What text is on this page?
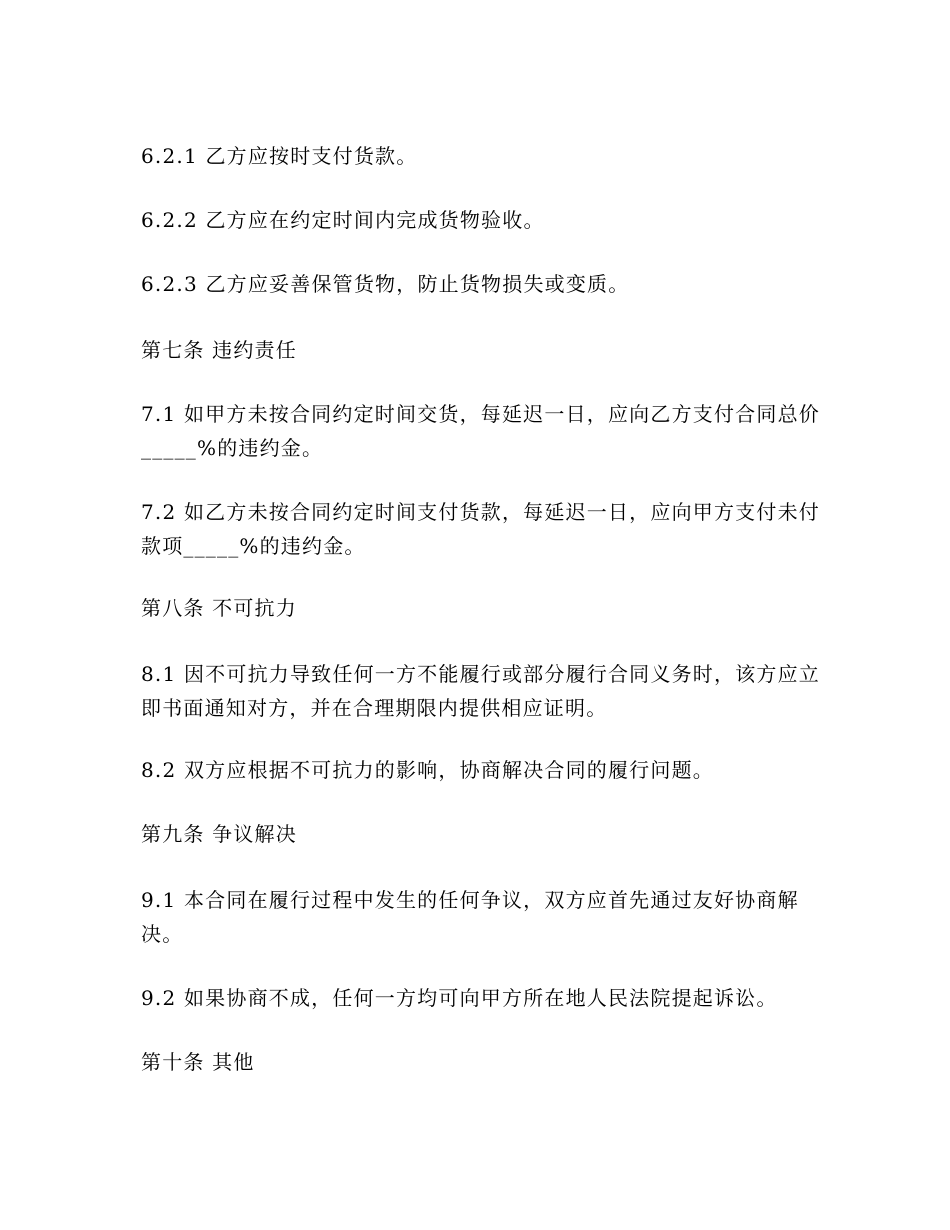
6.2.1 乙方应按时支付货款。

6.2.2 乙方应在约定时间内完成货物验收。

6.2.3 乙方应妥善保管货物，防止货物损失或变质。

第七条 违约责任

7.1 如甲方未按合同约定时间交货，每延迟一日，应向乙方支付合同总价_____%的违约金。

7.2 如乙方未按合同约定时间支付货款，每延迟一日，应向甲方支付未付款项_____%的违约金。

第八条 不可抗力

8.1 因不可抗力导致任何一方不能履行或部分履行合同义务时，该方应立即书面通知对方，并在合理期限内提供相应证明。

8.2 双方应根据不可抗力的影响，协商解决合同的履行问题。

第九条 争议解决

9.1 本合同在履行过程中发生的任何争议，双方应首先通过友好协商解决。

9.2 如果协商不成，任何一方均可向甲方所在地人民法院提起诉讼。

第十条 其他
